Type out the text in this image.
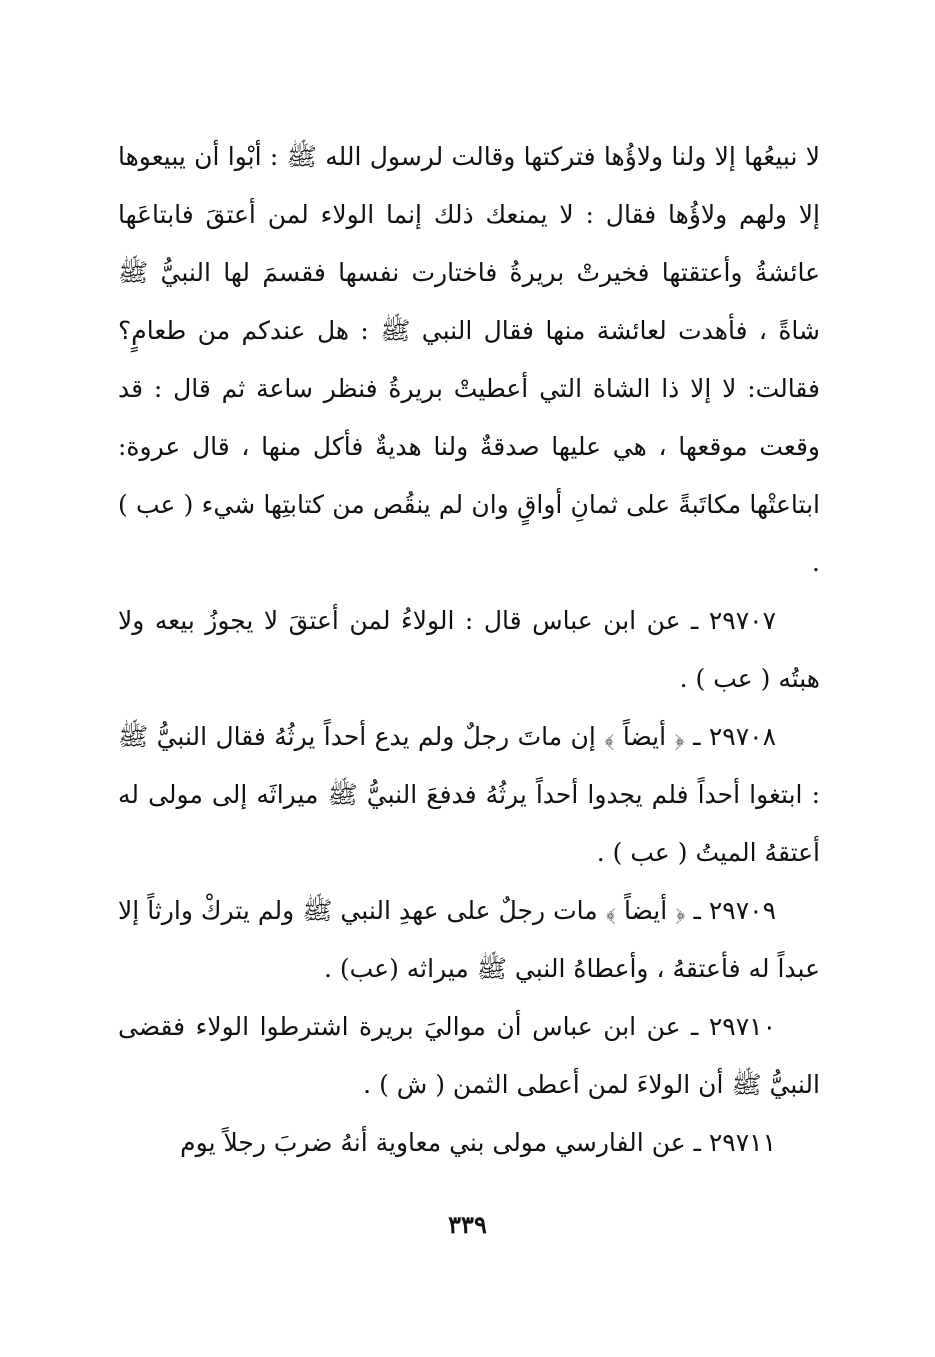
لا نبيعُها إلا ولنا ولاؤُها فتركتها وقالت لرسول الله ﷺ : أبْوا أن يبيعوها إلا ولهم ولاؤُها فقال : لا يمنعك ذلك إنما الولاء لمن أعتقَ فابتاعَها عائشةُ وأعتقتها فخيرتْ بريرةُ فاختارت نفسها فقسمَ لها النبيُّ ﷺ شاةً ، فأهدت لعائشة منها فقال النبي ﷺ : هل عندكم من طعامٍ؟ فقالت: لا إلا ذا الشاة التي أعطيتْ بريرةُ فنظر ساعة ثم قال : قد وقعت موقعها ، هي عليها صدقةٌ ولنا هديةٌ فأكل منها ، قال عروة: ابتاعتْها مكاتَبةً على ثمانِ أواقٍ وان لم ينقُص من كتابتِها شيء ( عب ) .

٢٩٧٠٧ ـ عن ابن عباس قال : الولاءُ لمن أعتقَ لا يجوزُ بيعه ولا هبتُه ( عب ) .

٢٩٧٠٨ ـ ﴿ أيضاً ﴾ إن ماتَ رجلٌ ولم يدع أحداً يرثُهُ فقال النبيُّ ﷺ : ابتغوا أحداً فلم يجدوا أحداً يرثُهُ فدفعَ النبيُّ ﷺ ميراثَه إلى مولى له أعتقهُ الميتُ ( عب ) .

٢٩٧٠٩ ـ ﴿ أيضاً ﴾ مات رجلٌ على عهدِ النبي ﷺ ولم يتركْ وارثاً إلا عبداً له فأعتقهُ ، وأعطاهُ النبي ﷺ ميراثه (عب) .

٢٩٧١٠ ـ عن ابن عباس أن مواليَ بريرة اشترطوا الولاء فقضى النبيُّ ﷺ أن الولاءَ لمن أعطى الثمن ( ش ) .

٢٩٧١١ ـ عن الفارسي مولى بني معاوية أنهُ ضربَ رجلاً يوم

٣٣٩
